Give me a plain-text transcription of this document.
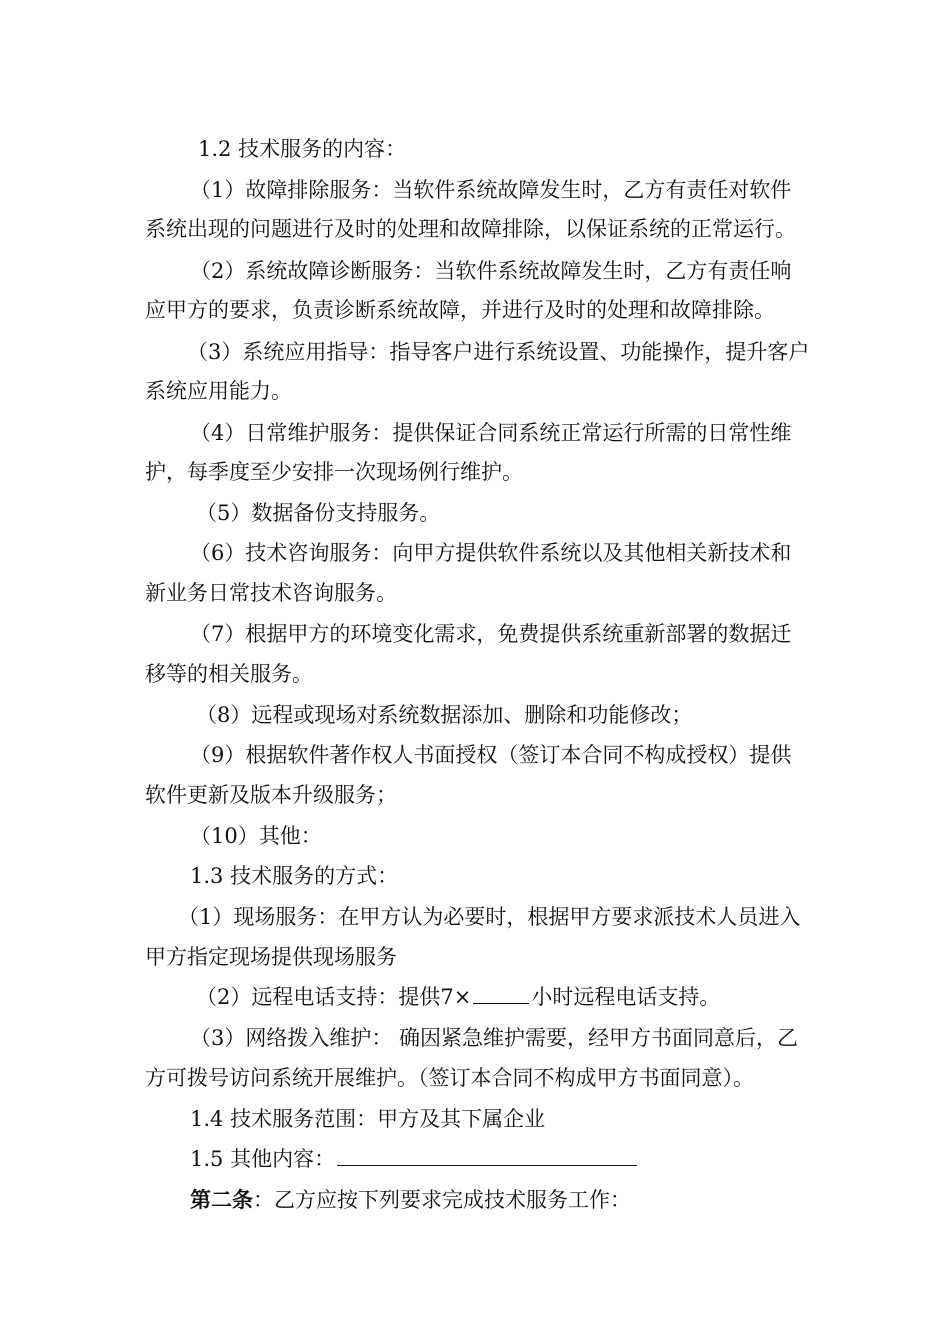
1.2 技术服务的内容：
（1）故障排除服务：当软件系统故障发生时，乙方有责任对软件
系统出现的问题进行及时的处理和故障排除，以保证系统的正常运行。
（2）系统故障诊断服务：当软件系统故障发生时，乙方有责任响
应甲方的要求，负责诊断系统故障，并进行及时的处理和故障排除。
（3）系统应用指导：指导客户进行系统设置、功能操作，提升客户
系统应用能力。
（4）日常维护服务：提供保证合同系统正常运行所需的日常性维
护，每季度至少安排一次现场例行维护。
（5）数据备份支持服务。
（6）技术咨询服务：向甲方提供软件系统以及其他相关新技术和
新业务日常技术咨询服务。
（7）根据甲方的环境变化需求，免费提供系统重新部署的数据迁
移等的相关服务。
（8）远程或现场对系统数据添加、删除和功能修改；
（9）根据软件著作权人书面授权（签订本合同不构成授权）提供
软件更新及版本升级服务；
（10）其他：
1.3 技术服务的方式：
（1）现场服务：在甲方认为必要时，根据甲方要求派技术人员进入
甲方指定现场提供现场服务
（2）远程电话支持：提供7×	小时远程电话支持。
（3）网络拨入维护： 确因紧急维护需要，经甲方书面同意后，乙
方可拨号访问系统开展维护。（签订本合同不构成甲方书面同意）。
1.4 技术服务范围：甲方及其下属企业
1.5 其他内容：
第二条：乙方应按下列要求完成技术服务工作：
